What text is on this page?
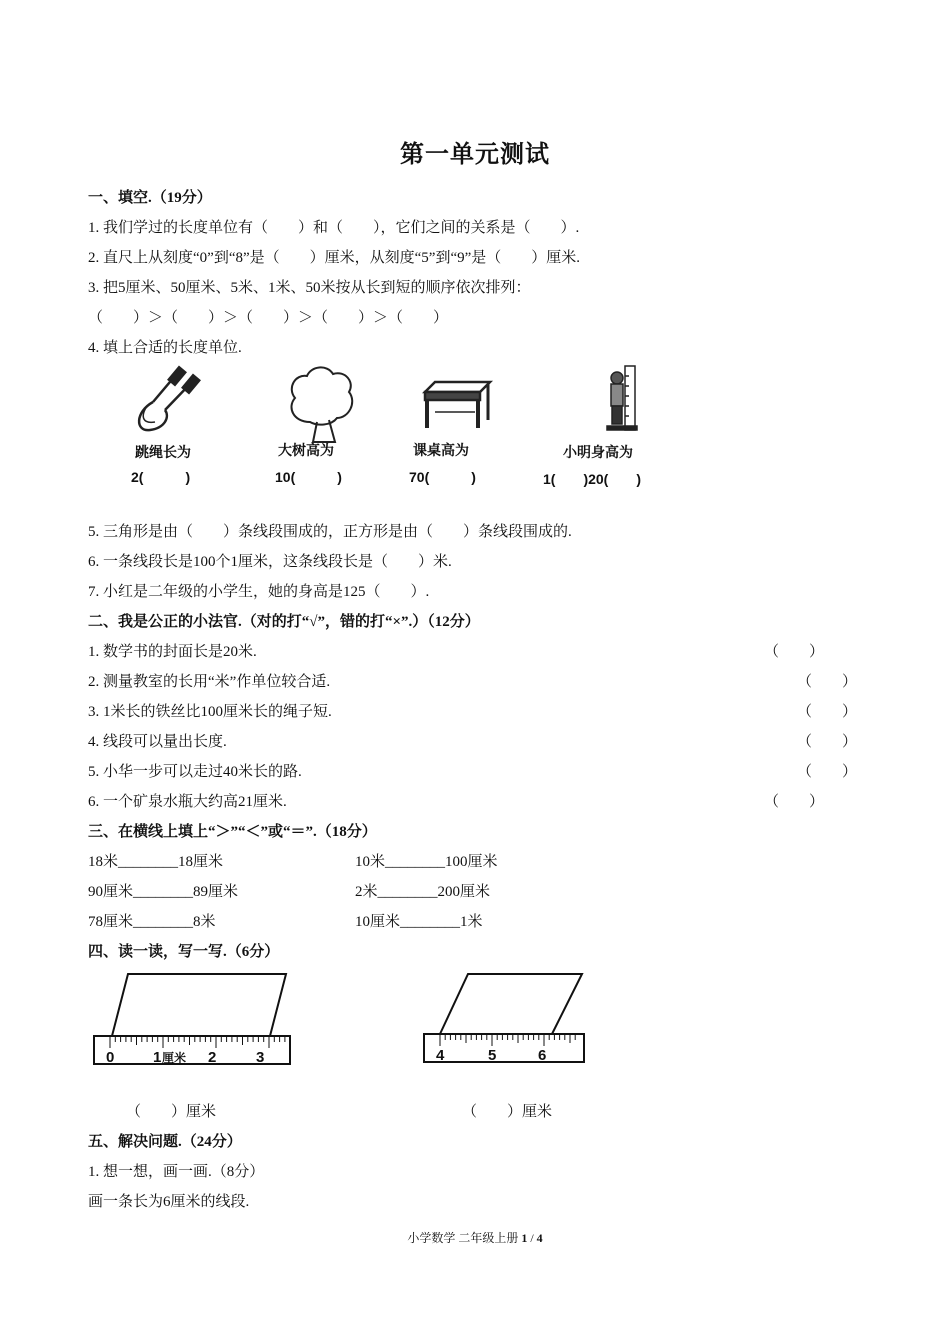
第一单元测试
一、填空.（19分）
1. 我们学过的长度单位有（　　）和（　　），它们之间的关系是（　　）.
2. 直尺上从刻度“0”到“8”是（　　）厘米，从刻度“5”到“9”是（　　）厘米.
3. 把5厘米、50厘米、5米、1米、50米按从长到短的顺序依次排列：
（　　）＞（　　）＞（　　）＞（　　）＞（　　）
4. 填上合适的长度单位.
跳绳长为
2(　　　)
大树高为
10(　　　)
课桌高为
70(　　　)
小明身高为
1(　　)20(　　)
5. 三角形是由（　　）条线段围成的，正方形是由（　　）条线段围成的.
6. 一条线段长是100个1厘米，这条线段长是（　　）米.
7. 小红是二年级的小学生，她的身高是125（　　）.
二、我是公正的小法官.（对的打“√”，错的打“×”.）（12分）
1. 数学书的封面长是20米.	（　　）
2. 测量教室的长用“米”作单位较合适.	（　　）
3. 1米长的铁丝比100厘米长的绳子短.	（　　）
4. 线段可以量出长度.	（　　）
5. 小华一步可以走过40米长的路.	（　　）
6. 一个矿泉水瓶大约高21厘米.	（　　）
三、在横线上填上“＞”“＜”或“＝”.（18分）
18米________18厘米	10米________100厘米
90厘米________89厘米	2米________200厘米
78厘米________8米	10厘米________1米
四、读一读，写一写.（6分）
0	1 厘米 2	3	4	5	6
（　　）厘米	（　　）厘米
五、解决问题.（24分）
1. 想一想，画一画.（8分）
画一条长为6厘米的线段.
小学数学 二年级上册 1 / 4
